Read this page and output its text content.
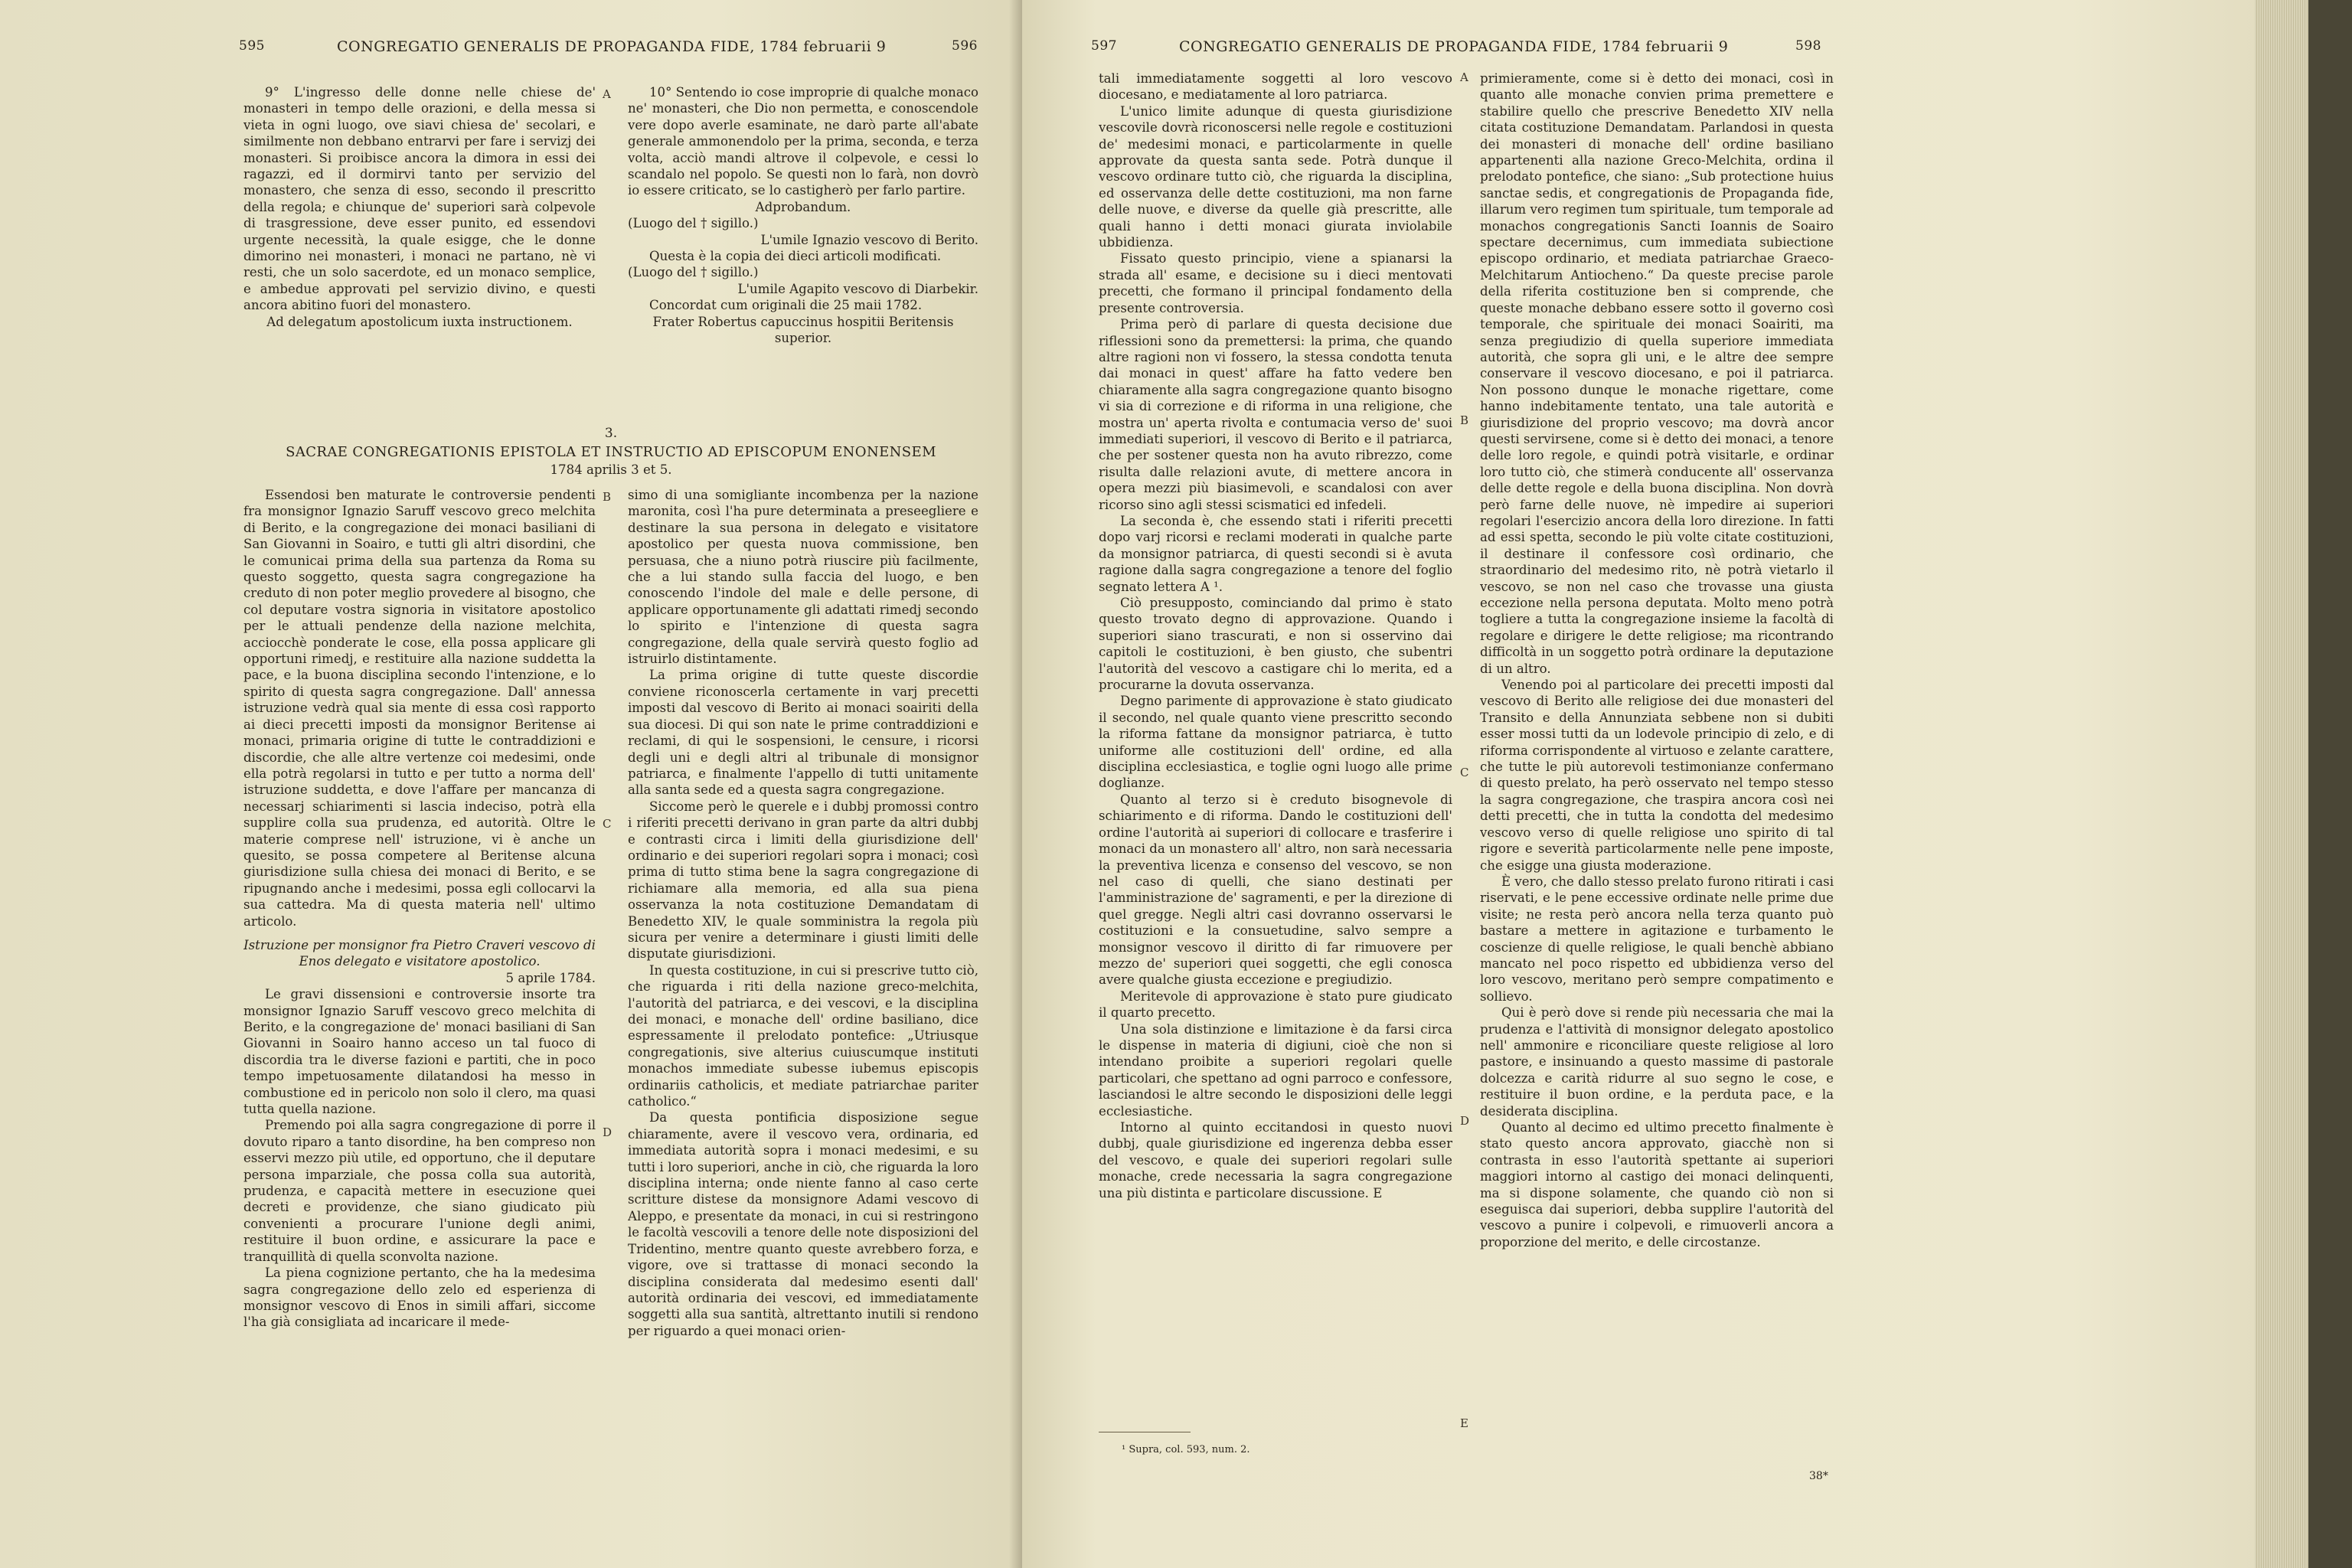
595	CONGREGATIO GENERALIS DE PROPAGANDA FIDE, 1784 februarii 9	596

9° L'ingresso delle donne nelle chiese de' monasteri in tempo delle orazioni, e della messa si vieta in ogni luogo, ove siavi chiesa de' secolari, e similmente non debbano entrarvi per fare i servizj dei monasteri. Si proibisce ancora la dimora in essi dei ragazzi, ed il dormirvi tanto per servizio del monastero, che senza di esso, secondo il prescritto della regola; e chiunque de' superiori sarà colpevole di trasgressione, deve esser punito, ed essendovi urgente necessità, la quale esigge, che le donne dimorino nei monasteri, i monaci ne partano, nè vi resti, che un solo sacerdote, ed un monaco semplice, e ambedue approvati pel servizio divino, e questi ancora abitino fuori del monastero.

Ad delegatum apostolicum iuxta instructionem.

10° Sentendo io cose improprie di qualche monaco ne' monasteri, che Dio non permetta, e conoscendole vere dopo averle esaminate, ne darò parte all'abate generale ammonendolo per la prima, seconda, e terza volta, acciò mandi altrove il colpevole, e cessi lo scandalo nel popolo. Se questi non lo farà, non dovrò io essere criticato, se lo castigherò per farlo partire.

Adprobandum.

(Luogo del † sigillo.)

L'umile Ignazio vescovo di Berito.

Questa è la copia dei dieci articoli modificati.

(Luogo del † sigillo.)

L'umile Agapito vescovo di Diarbekir.

Concordat cum originali die 25 maii 1782.

Frater Robertus capuccinus hospitii Beritensis superior.

3.
SACRAE CONGREGATIONIS EPISTOLA ET INSTRUCTIO AD EPISCOPUM ENONENSEM
1784 aprilis 3 et 5.

Essendosi ben maturate le controversie pendenti fra monsignor Ignazio Saruff vescovo greco melchita di Berito, e la congregazione dei monaci basiliani di San Giovanni in Soairo, e tutti gli altri disordini, che le comunicai prima della sua partenza da Roma su questo soggetto, questa sagra congregazione ha creduto di non poter meglio provedere al bisogno, che col deputare vostra signoria in visitatore apostolico per le attuali pendenze della nazione melchita, acciocchè ponderate le cose, ella possa applicare gli opportuni rimedj, e restituire alla nazione suddetta la pace, e la buona disciplina secondo l'intenzione, e lo spirito di questa sagra congregazione. Dall' annessa istruzione vedrà qual sia mente di essa così rapporto ai dieci precetti imposti da monsignor Beritense ai monaci, primaria origine di tutte le contraddizioni e discordie, che alle altre vertenze coi medesimi, onde ella potrà regolarsi in tutto e per tutto a norma dell' istruzione suddetta, e dove l'affare per mancanza di necessarj schiarimenti si lascia indeciso, potrà ella supplire colla sua prudenza, ed autorità. Oltre le materie comprese nell' istruzione, vi è anche un quesito, se possa competere al Beritense alcuna giurisdizione sulla chiesa dei monaci di Berito, e se ripugnando anche i medesimi, possa egli collocarvi la sua cattedra. Ma di questa materia nell' ultimo articolo.

Istruzione per monsignor fra Pietro Craveri vescovo di Enos delegato e visitatore apostolico.

5 aprile 1784.

Le gravi dissensioni e controversie insorte tra monsignor Ignazio Saruff vescovo greco melchita di Berito, e la congregazione de' monaci basiliani di San Giovanni in Soairo hanno acceso un tal fuoco di discordia tra le diverse fazioni e partiti, che in poco tempo impetuosamente dilatandosi ha messo in combustione ed in pericolo non solo il clero, ma quasi tutta quella nazione.

Premendo poi alla sagra congregazione di porre il dovuto riparo a tanto disordine, ha ben compreso non esservi mezzo più utile, ed opportuno, che il deputare persona imparziale, che possa colla sua autorità, prudenza, e capacità mettere in esecuzione quei decreti e providenze, che siano giudicato più convenienti a procurare l'unione degli animi, restituire il buon ordine, e assicurare la pace e tranquillità di quella sconvolta nazione.

La piena cognizione pertanto, che ha la medesima sagra congregazione dello zelo ed esperienza di monsignor vescovo di Enos in simili affari, siccome l'ha già consigliata ad incaricare il mede-

simo di una somigliante incombenza per la nazione maronita, così l'ha pure determinata a preseegliere e destinare la sua persona in delegato e visitatore apostolico per questa nuova commissione, ben persuasa, che a niuno potrà riuscire più facilmente, che a lui stando sulla faccia del luogo, e ben conoscendo l'indole del male e delle persone, di applicare opportunamente gli adattati rimedj secondo lo spirito e l'intenzione di questa sagra congregazione, della quale servirà questo foglio ad istruirlo distintamente.

La prima origine di tutte queste discordie conviene riconoscerla certamente in varj precetti imposti dal vescovo di Berito ai monaci soairiti della sua diocesi. Di qui son nate le prime contraddizioni e reclami, di qui le sospensioni, le censure, i ricorsi degli uni e degli altri al tribunale di monsignor patriarca, e finalmente l'appello di tutti unitamente alla santa sede ed a questa sagra congregazione.

Siccome però le querele e i dubbj promossi contro i riferiti precetti derivano in gran parte da altri dubbj e contrasti circa i limiti della giurisdizione dell' ordinario e dei superiori regolari sopra i monaci; così prima di tutto stima bene la sagra congregazione di richiamare alla memoria, ed alla sua piena osservanza la nota costituzione Demandatam di Benedetto XIV, le quale somministra la regola più sicura per venire a determinare i giusti limiti delle disputate giurisdizioni.

In questa costituzione, in cui si prescrive tutto ciò, che riguarda i riti della nazione greco-melchita, l'autorità del patriarca, e dei vescovi, e la disciplina dei monaci, e monache dell' ordine basiliano, dice espressamente il prelodato pontefice: „Utriusque congregationis, sive alterius cuiuscumque instituti monachos immediate subesse iubemus episcopis ordinariis catholicis, et mediate patriarchae pariter catholico.“

Da questa pontificia disposizione segue chiaramente, avere il vescovo vera, ordinaria, ed immediata autorità sopra i monaci medesimi, e su tutti i loro superiori, anche in ciò, che riguarda la loro disciplina interna; onde niente fanno al caso certe scritture distese da monsignore Adami vescovo di Aleppo, e presentate da monaci, in cui si restringono le facoltà vescovili a tenore delle note disposizioni del Tridentino, mentre quanto queste avrebbero forza, e vigore, ove si trattasse di monaci secondo la disciplina considerata dal medesimo esenti dall' autorità ordinaria dei vescovi, ed immediatamente soggetti alla sua santità, altrettanto inutili si rendono per riguardo a quei monaci orien-

A
B
C
D
597	CONGREGATIO GENERALIS DE PROPAGANDA FIDE, 1784 februarii 9	598

tali immediatamente soggetti al loro vescovo diocesano, e mediatamente al loro patriarca.

L'unico limite adunque di questa giurisdizione vescovile dovrà riconoscersi nelle regole e costituzioni de' medesimi monaci, e particolarmente in quelle approvate da questa santa sede. Potrà dunque il vescovo ordinare tutto ciò, che riguarda la disciplina, ed osservanza delle dette costituzioni, ma non farne delle nuove, e diverse da quelle già prescritte, alle quali hanno i detti monaci giurata inviolabile ubbidienza.

Fissato questo principio, viene a spianarsi la strada all' esame, e decisione su i dieci mentovati precetti, che formano il principal fondamento della presente controversia.

Prima però di parlare di questa decisione due riflessioni sono da premettersi: la prima, che quando altre ragioni non vi fossero, la stessa condotta tenuta dai monaci in quest' affare ha fatto vedere ben chiaramente alla sagra congregazione quanto bisogno vi sia di correzione e di riforma in una religione, che mostra un' aperta rivolta e contumacia verso de' suoi immediati superiori, il vescovo di Berito e il patriarca, che per sostener questa non ha avuto ribrezzo, come risulta dalle relazioni avute, di mettere ancora in opera mezzi più biasimevoli, e scandalosi con aver ricorso sino agli stessi scismatici ed infedeli.

La seconda è, che essendo stati i riferiti precetti dopo varj ricorsi e reclami moderati in qualche parte da monsignor patriarca, di questi secondi si è avuta ragione dalla sagra congregazione a tenore del foglio segnato lettera A ¹.

Ciò presupposto, cominciando dal primo è stato questo trovato degno di approvazione. Quando i superiori siano trascurati, e non si osservino dai capitoli le costituzioni, è ben giusto, che subentri l'autorità del vescovo a castigare chi lo merita, ed a procurarne la dovuta osservanza.

Degno parimente di approvazione è stato giudicato il secondo, nel quale quanto viene prescritto secondo la riforma fattane da monsignor patriarca, è tutto uniforme alle costituzioni dell' ordine, ed alla disciplina ecclesiastica, e toglie ogni luogo alle prime doglianze.

Quanto al terzo si è creduto bisognevole di schiarimento e di riforma. Dando le costituzioni dell' ordine l'autorità ai superiori di collocare e trasferire i monaci da un monastero all' altro, non sarà necessaria la preventiva licenza e consenso del vescovo, se non nel caso di quelli, che siano destinati per l'amministrazione de' sagramenti, e per la direzione di quel gregge. Negli altri casi dovranno osservarsi le costituzioni e la consuetudine, salvo sempre a monsignor vescovo il diritto di far rimuovere per mezzo de' superiori quei soggetti, che egli conosca avere qualche giusta eccezione e pregiudizio.

Meritevole di approvazione è stato pure giudicato il quarto precetto.

Una sola distinzione e limitazione è da farsi circa le dispense in materia di digiuni, cioè che non si intendano proibite a superiori regolari quelle particolari, che spettano ad ogni parroco e confessore, lasciandosi le altre secondo le disposizioni delle leggi ecclesiastiche.

Intorno al quinto eccitandosi in questo nuovi dubbj, quale giurisdizione ed ingerenza debba esser del vescovo, e quale dei superiori regolari sulle monache, crede necessaria la sagra congregazione una più distinta e particolare discussione. E

¹ Supra, col. 593, num. 2.

primieramente, come si è detto dei monaci, così in quanto alle monache convien prima premettere e stabilire quello che prescrive Benedetto XIV nella citata costituzione Demandatam. Parlandosi in questa dei monasteri di monache dell' ordine basiliano appartenenti alla nazione Greco-Melchita, ordina il prelodato pontefice, che siano: „Sub protectione huius sanctae sedis, et congregationis de Propaganda fide, illarum vero regimen tum spirituale, tum temporale ad monachos congregationis Sancti Ioannis de Soairo spectare decernimus, cum immediata subiectione episcopo ordinario, et mediata patriarchae Graeco-Melchitarum Antiocheno.“ Da queste precise parole della riferita costituzione ben si comprende, che queste monache debbano essere sotto il governo così temporale, che spirituale dei monaci Soairiti, ma senza pregiudizio di quella superiore immediata autorità, che sopra gli uni, e le altre dee sempre conservare il vescovo diocesano, e poi il patriarca. Non possono dunque le monache rigettare, come hanno indebitamente tentato, una tale autorità e giurisdizione del proprio vescovo; ma dovrà ancor questi servirsene, come si è detto dei monaci, a tenore delle loro regole, e quindi potrà visitarle, e ordinar loro tutto ciò, che stimerà conducente all' osservanza delle dette regole e della buona disciplina. Non dovrà però farne delle nuove, nè impedire ai superiori regolari l'esercizio ancora della loro direzione. In fatti ad essi spetta, secondo le più volte citate costituzioni, il destinare il confessore così ordinario, che straordinario del medesimo rito, nè potrà vietarlo il vescovo, se non nel caso che trovasse una giusta eccezione nella persona deputata. Molto meno potrà togliere a tutta la congregazione insieme la facoltà di regolare e dirigere le dette religiose; ma ricontrando difficoltà in un soggetto potrà ordinare la deputazione di un altro.

Venendo poi al particolare dei precetti imposti dal vescovo di Berito alle religiose dei due monasteri del Transito e della Annunziata sebbene non si dubiti esser mossi tutti da un lodevole principio di zelo, e di riforma corrispondente al virtuoso e zelante carattere, che tutte le più autorevoli testimonianze confermano di questo prelato, ha però osservato nel tempo stesso la sagra congregazione, che traspira ancora così nei detti precetti, che in tutta la condotta del medesimo vescovo verso di quelle religiose uno spirito di tal rigore e severità particolarmente nelle pene imposte, che esigge una giusta moderazione.

È vero, che dallo stesso prelato furono ritirati i casi riservati, e le pene eccessive ordinate nelle prime due visite; ne resta però ancora nella terza quanto può bastare a mettere in agitazione e turbamento le coscienze di quelle religiose, le quali benchè abbiano mancato nel poco rispetto ed ubbidienza verso del loro vescovo, meritano però sempre compatimento e sollievo.

Qui è però dove si rende più necessaria che mai la prudenza e l'attività di monsignor delegato apostolico nell' ammonire e riconciliare queste religiose al loro pastore, e insinuando a questo massime di pastorale dolcezza e carità ridurre al suo segno le cose, e restituire il buon ordine, e la perduta pace, e la desiderata disciplina.

Quanto al decimo ed ultimo precetto finalmente è stato questo ancora approvato, giacchè non si contrasta in esso l'autorità spettante ai superiori maggiori intorno al castigo dei monaci delinquenti, ma si dispone solamente, che quando ciò non si eseguisca dai superiori, debba supplire l'autorità del vescovo a punire i colpevoli, e rimuoverli ancora a proporzione del merito, e delle circostanze.

38*
A
B
C
D
E
